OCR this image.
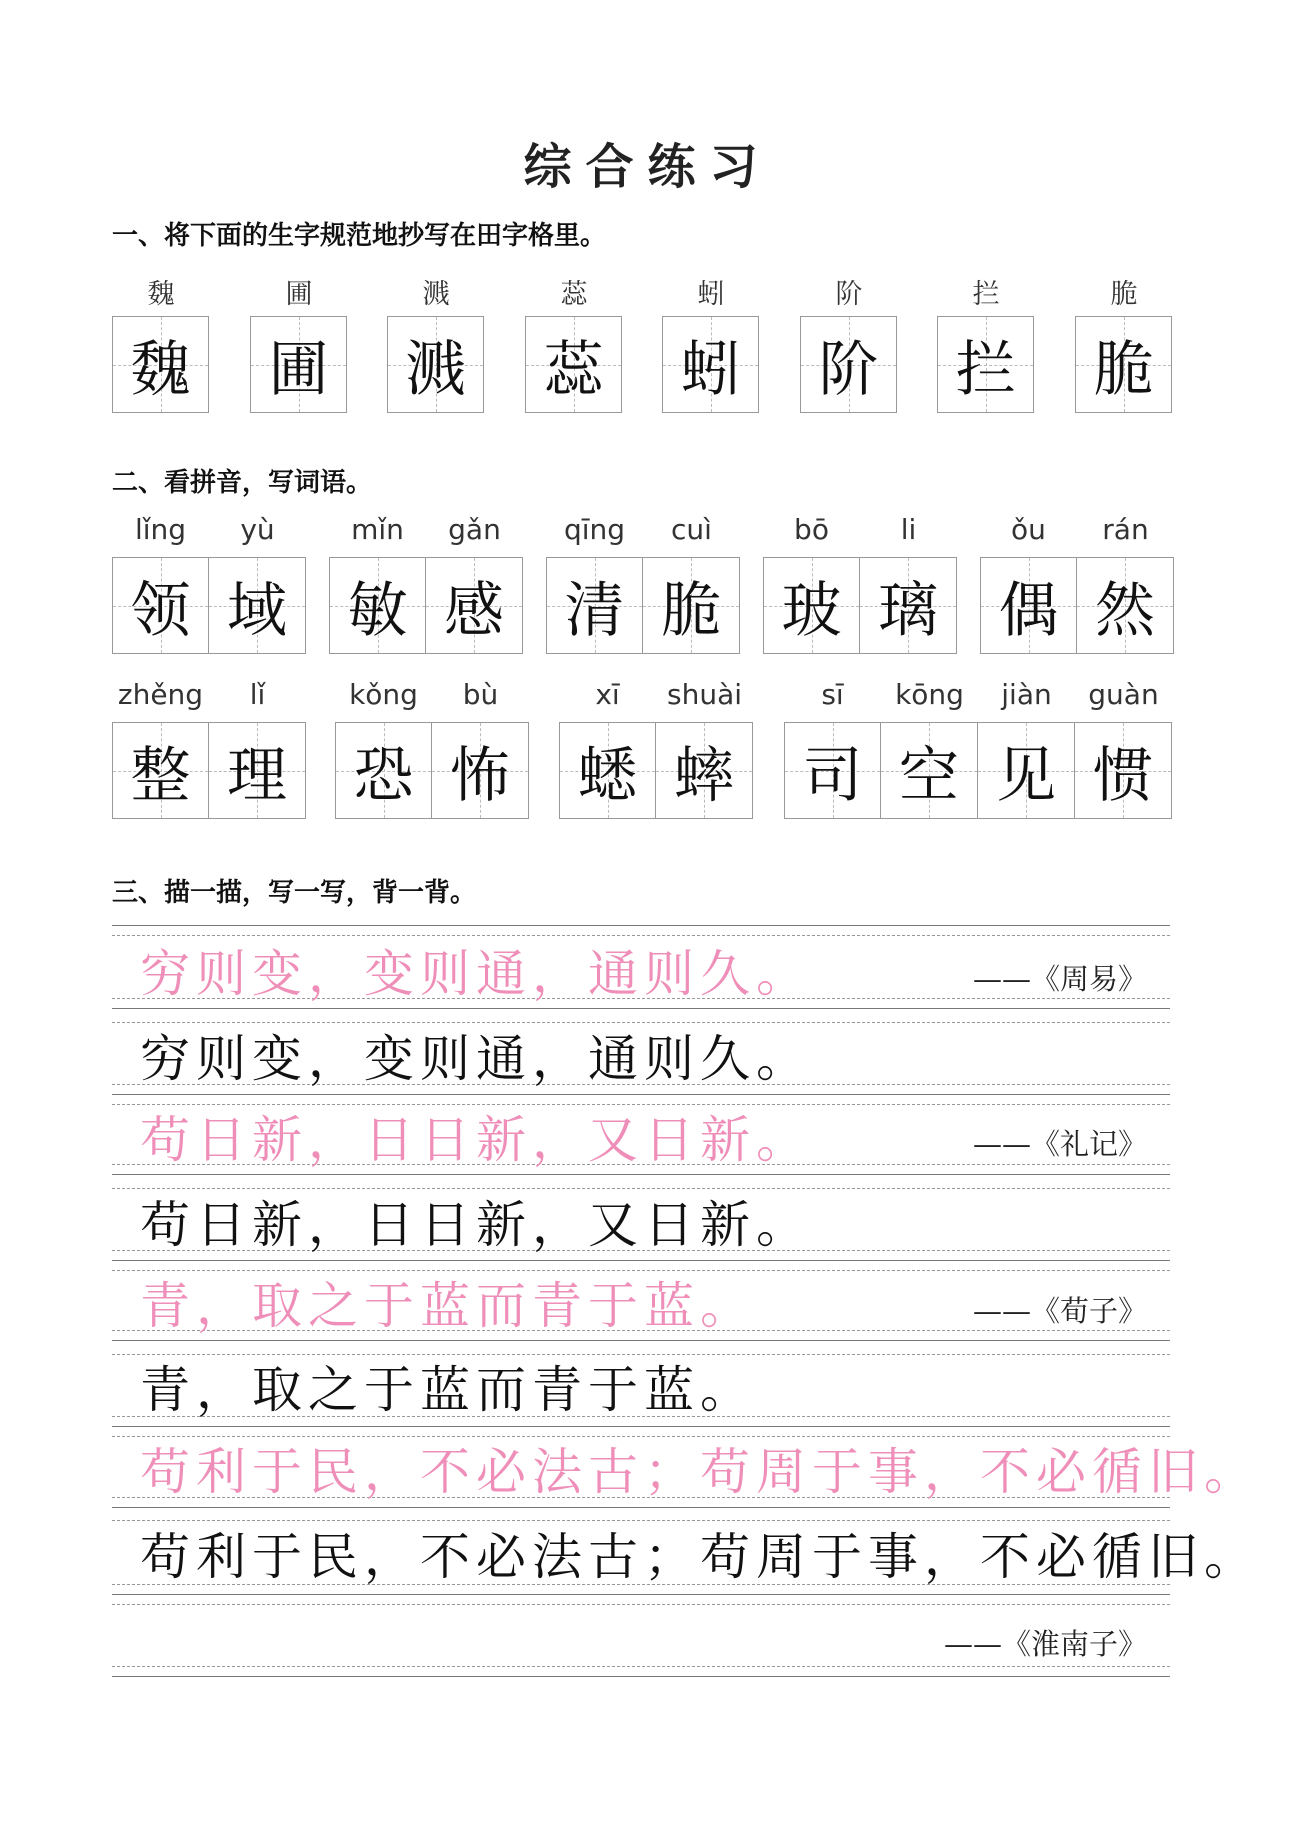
综合练习
一、将下面的生字规范地抄写在田字格里。
魏
魏
圃
圃
溅
溅
蕊
蕊
蚓
蚓
阶
阶
拦
拦
脆
脆
二、看拼音，写词语。
lǐng	yù
领 域
mǐn	gǎn
敏 感
qīng	cuì
清 脆
bō	li
玻 璃
ǒu	rán
偶 然
zhěng	lǐ
整 理
kǒng	bù
恐 怖
xī	shuài
蟋 蟀
sī	kōng	jiàn	guàn
司 空 见 惯
三、描一描，写一写，背一背。
穷则变，变则通，通则久。	——《周易》
穷则变，变则通，通则久。
苟日新，日日新，又日新。	——《礼记》
苟日新，日日新，又日新。
青，取之于蓝而青于蓝。	——《荀子》
青，取之于蓝而青于蓝。
苟利于民，不必法古；苟周于事，不必循旧。
苟利于民，不必法古；苟周于事，不必循旧。
——《淮南子》
